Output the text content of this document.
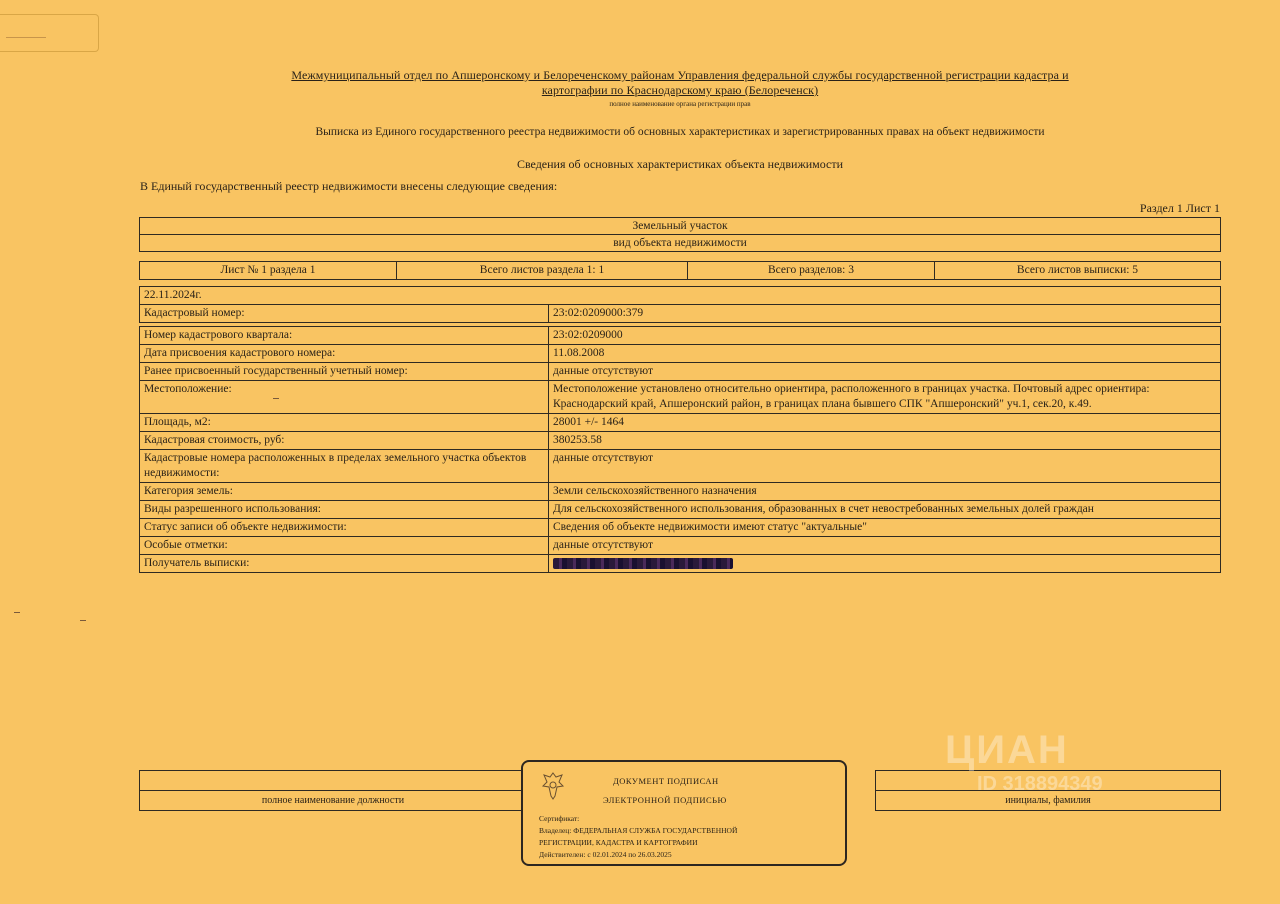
Межмуниципальный отдел по Апшеронскому и Белореченскому районам Управления федеральной службы государственной регистрации кадастра и
картографии по Краснодарскому краю (Белореченск)
полное наименование органа регистрации прав
Выписка из Единого государственного реестра недвижимости об основных характеристиках и зарегистрированных правах на объект недвижимости
Сведения об основных характеристиках объекта недвижимости
В Единый государственный реестр недвижимости внесены следующие сведения:
Раздел 1 Лист 1
Земельный участок
вид объекта недвижимости
Лист № 1 раздела 1	Всего листов раздела 1: 1	Всего разделов: 3	Всего листов выписки: 5
22.11.2024г.	
Кадастровый номер:	23:02:0209000:379

Номер кадастрового квартала:	23:02:0209000
Дата присвоения кадастрового номера:	11.08.2008
Ранее присвоенный государственный учетный номер:	данные отсутствуют
Местоположение:	Местоположение установлено относительно ориентира, расположенного в границах участка. Почтовый адрес ориентира: Краснодарский край, Апшеронский район, в границах плана бывшего СПК "Апшеронский" уч.1, сек.20, к.49.
Площадь, м2:	28001 +/- 1464
Кадастровая стоимость, руб:	380253.58
Кадастровые номера расположенных в пределах земельного участка объектов недвижимости:	данные отсутствуют
Категория земель:	Земли сельскохозяйственного назначения
Виды разрешенного использования:	Для сельскохозяйственного использования, образованных в счет невостребованных земельных долей граждан
Статус записи об объекте недвижимости:	Сведения об объекте недвижимости имеют статус "актуальные"
Особые отметки:	данные отсутствуют
Получатель выписки:	

полное наименование должности		инициалы, фамилия
ДОКУМЕНТ ПОДПИСАН
ЭЛЕКТРОННОЙ ПОДПИСЬЮ
Сертификат:
Владелец: ФЕДЕРАЛЬНАЯ СЛУЖБА ГОСУДАРСТВЕННОЙ
РЕГИСТРАЦИИ, КАДАСТРА И КАРТОГРАФИИ
Действителен: с 02.01.2024 по 26.03.2025
ЦИАН
ID 318894349
